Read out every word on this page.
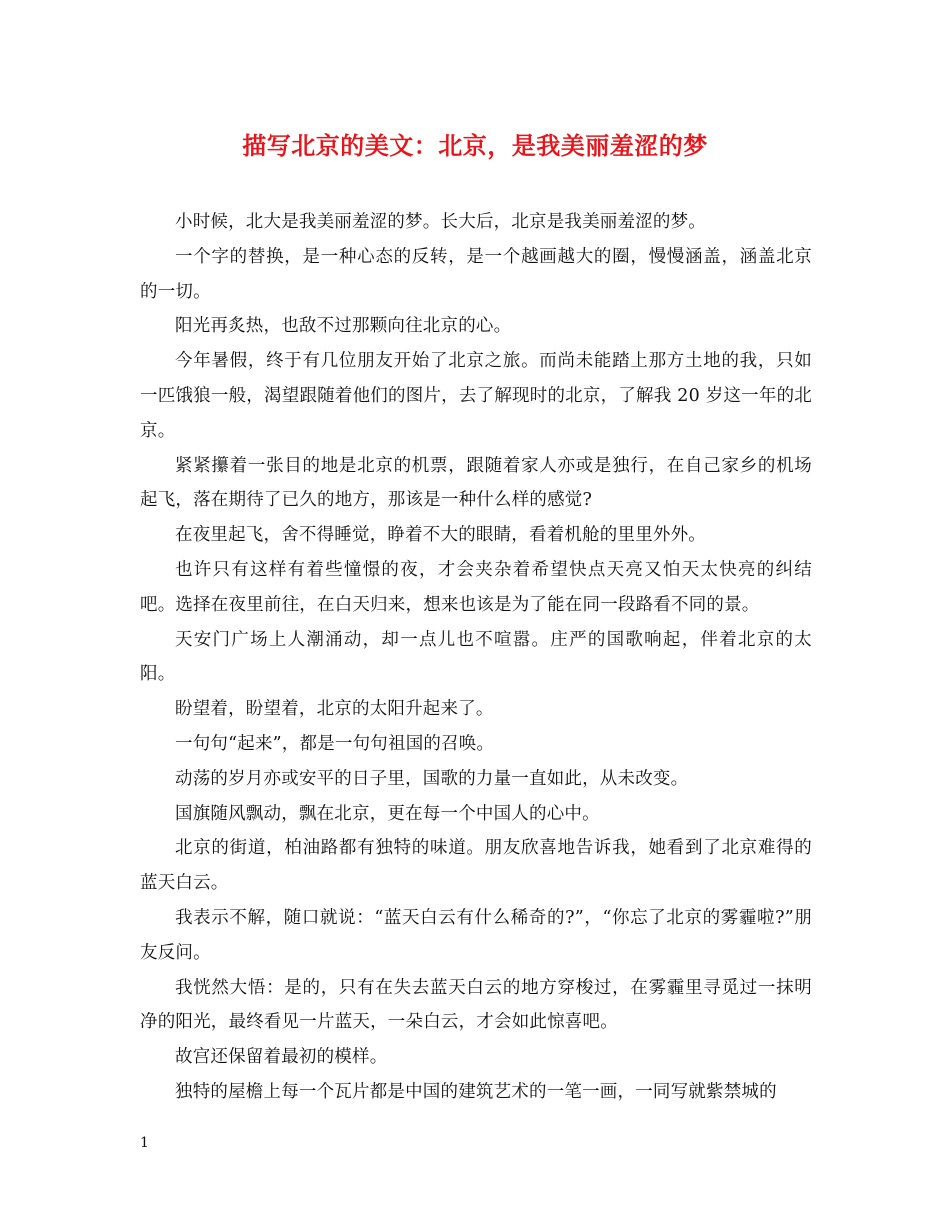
描写北京的美文：北京，是我美丽羞涩的梦

小时候，北大是我美丽羞涩的梦。长大后，北京是我美丽羞涩的梦。

一个字的替换，是一种心态的反转，是一个越画越大的圈，慢慢涵盖，涵盖北京的一切。

阳光再炙热，也敌不过那颗向往北京的心。

今年暑假，终于有几位朋友开始了北京之旅。而尚未能踏上那方土地的我，只如一匹饿狼一般，渴望跟随着他们的图片，去了解现时的北京，了解我 20 岁这一年的北京。

紧紧攥着一张目的地是北京的机票，跟随着家人亦或是独行，在自己家乡的机场起飞，落在期待了已久的地方，那该是一种什么样的感觉?

在夜里起飞，舍不得睡觉，睁着不大的眼睛，看着机舱的里里外外。

也许只有这样有着些憧憬的夜，才会夹杂着希望快点天亮又怕天太快亮的纠结吧。选择在夜里前往，在白天归来，想来也该是为了能在同一段路看不同的景。

天安门广场上人潮涌动，却一点儿也不喧嚣。庄严的国歌响起，伴着北京的太阳。

盼望着，盼望着，北京的太阳升起来了。

一句句“起来”，都是一句句祖国的召唤。

动荡的岁月亦或安平的日子里，国歌的力量一直如此，从未改变。

国旗随风飘动，飘在北京，更在每一个中国人的心中。

北京的街道，柏油路都有独特的味道。朋友欣喜地告诉我，她看到了北京难得的蓝天白云。

我表示不解，随口就说：“蓝天白云有什么稀奇的?”，“你忘了北京的雾霾啦?”朋友反问。

我恍然大悟：是的，只有在失去蓝天白云的地方穿梭过，在雾霾里寻觅过一抹明净的阳光，最终看见一片蓝天，一朵白云，才会如此惊喜吧。

故宫还保留着最初的模样。

独特的屋檐上每一个瓦片都是中国的建筑艺术的一笔一画，一同写就紫禁城的

1
